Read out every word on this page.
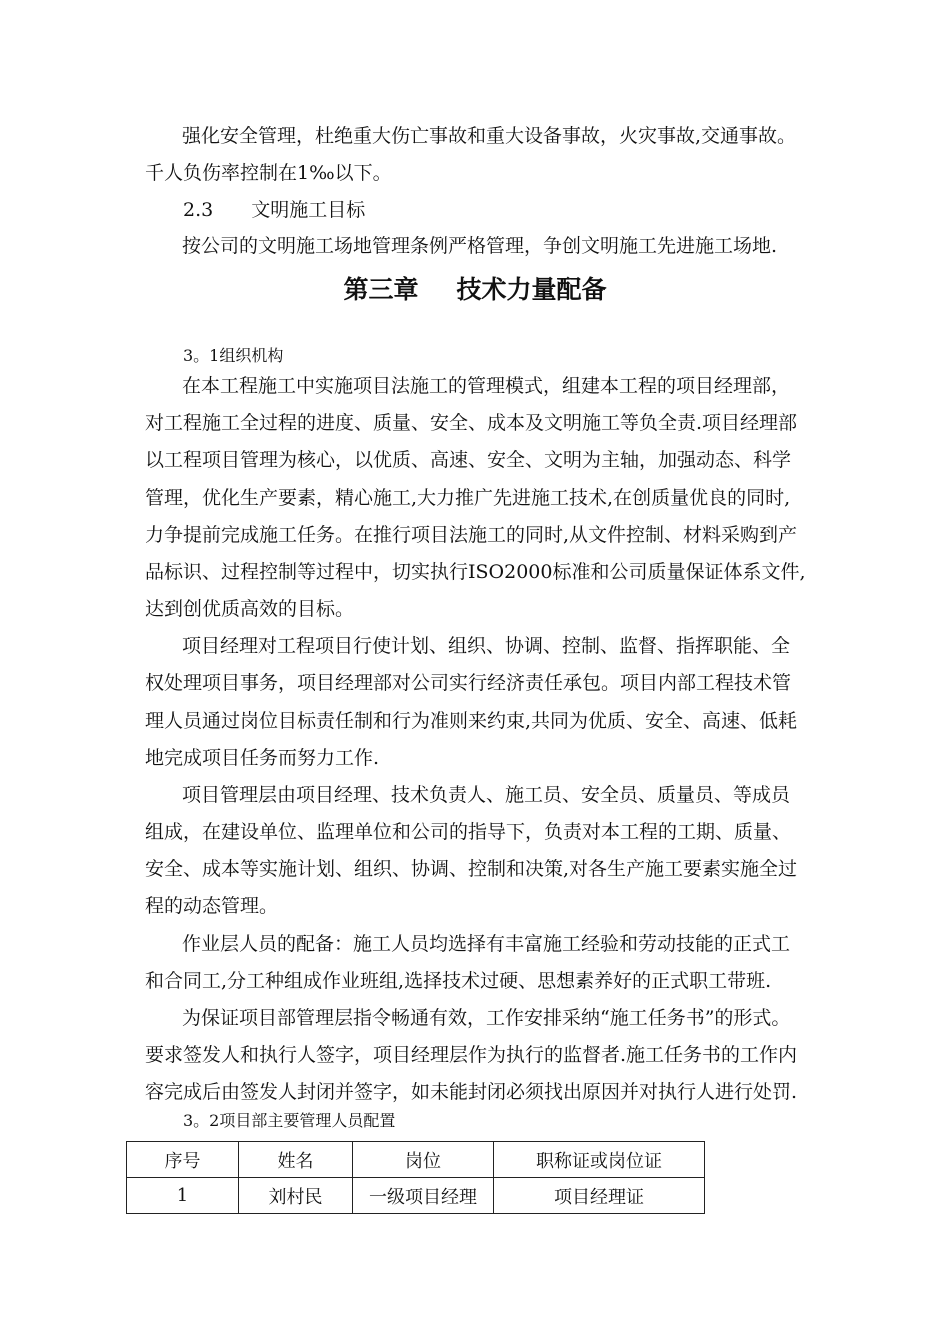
强化安全管理，杜绝重大伤亡事故和重大设备事故，火灾事故,交通事故。
千人负伤率控制在1‰以下。
2.3 文明施工目标
按公司的文明施工场地管理条例严格管理，争创文明施工先进施工场地.
第三章 技术力量配备
3。1组织机构
在本工程施工中实施项目法施工的管理模式，组建本工程的项目经理部，
对工程施工全过程的进度、质量、安全、成本及文明施工等负全责.项目经理部
以工程项目管理为核心，以优质、高速、安全、文明为主轴，加强动态、科学
管理，优化生产要素，精心施工,大力推广先进施工技术,在创质量优良的同时,
力争提前完成施工任务。在推行项目法施工的同时,从文件控制、材料采购到产
品标识、过程控制等过程中，切实执行ISO2000标准和公司质量保证体系文件,
达到创优质高效的目标。
项目经理对工程项目行使计划、组织、协调、控制、监督、指挥职能、全
权处理项目事务，项目经理部对公司实行经济责任承包。项目内部工程技术管
理人员通过岗位目标责任制和行为准则来约束,共同为优质、安全、高速、低耗
地完成项目任务而努力工作.
项目管理层由项目经理、技术负责人、施工员、安全员、质量员、等成员
组成，在建设单位、监理单位和公司的指导下，负责对本工程的工期、质量、
安全、成本等实施计划、组织、协调、控制和决策,对各生产施工要素实施全过
程的动态管理。
作业层人员的配备：施工人员均选择有丰富施工经验和劳动技能的正式工
和合同工,分工种组成作业班组,选择技术过硬、思想素养好的正式职工带班.
为保证项目部管理层指令畅通有效，工作安排采纳“施工任务书”的形式。
要求签发人和执行人签字，项目经理层作为执行的监督者.施工任务书的工作内
容完成后由签发人封闭并签字，如未能封闭必须找出原因并对执行人进行处罚.
3。2项目部主要管理人员配置
序号	姓名	岗位	职称证或岗位证
1	刘村民	一级项目经理	项目经理证
